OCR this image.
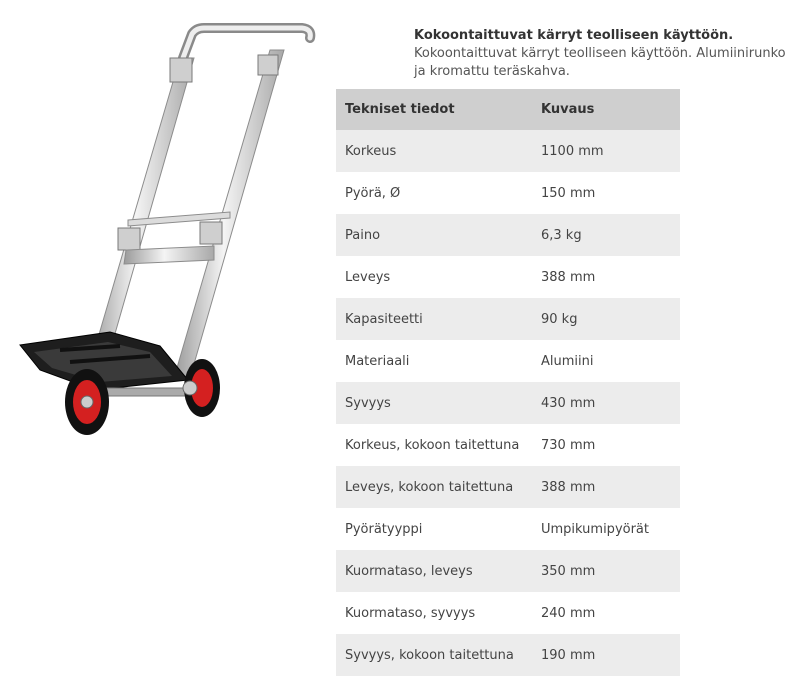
Kokoontaittuvat kärryt teolliseen käyttöön.
Kokoontaittuvat kärryt teolliseen käyttöön. Alumiinirunko
ja kromattu teräskahva.
Tekniset tiedot	Kuvaus
Korkeus	1100 mm
Pyörä, Ø	150 mm
Paino	6,3 kg
Leveys	388 mm
Kapasiteetti	90 kg
Materiaali	Alumiini
Syvyys	430 mm
Korkeus, kokoon taitettuna	730 mm
Leveys, kokoon taitettuna	388 mm
Pyörätyyppi	Umpikumipyörät
Kuormataso, leveys	350 mm
Kuormataso, syvyys	240 mm
Syvyys, kokoon taitettuna	190 mm
